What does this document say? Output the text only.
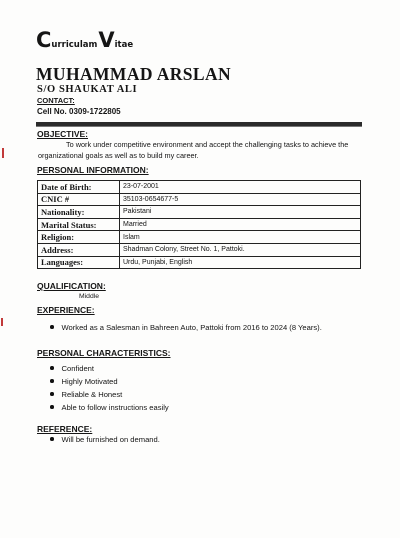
CurriculamVitae
MUHAMMAD ARSLAN
S/O SHAUKAT ALI
CONTACT:
Cell No. 0309-1722805
OBJECTIVE:
To work under competitive environment and accept the challenging tasks to achieve the organizational goals as well as to build my career.
PERSONAL INFORMATION:
Date of Birth:	23-07-2001
CNIC #	35103-0654677-5
Nationality:	Pakistani
Marital Status:	Married
Religion:	Islam
Address:	Shadman Colony, Street No. 1, Pattoki.
Languages:	Urdu, Punjabi, English
QUALIFICATION:
Middle
EXPERIENCE:
Worked as a Salesman in Bahreen Auto, Pattoki from 2016 to 2024 (8 Years).
PERSONAL CHARACTERISTICS:
Confident
Highly Motivated
Reliable & Honest
Able to follow instructions easily
REFERENCE:
Will be furnished on demand.
